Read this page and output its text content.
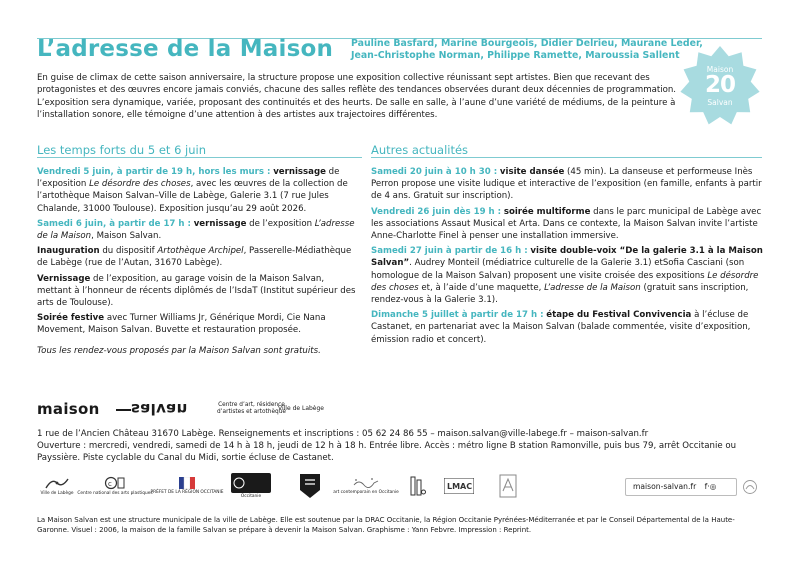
L’adresse de la Maison Pauline Basfard, Marine Bourgeois, Didier Delrieu, Maurane Leder,
Jean-Christophe Norman, Philippe Ramette, Maroussia Sallent
Maison
20
Salvan
En guise de climax de cette saison anniversaire, la structure propose une exposition collective réunissant sept artistes. Bien que recevant des protagonistes et des œuvres encore jamais conviés, chacune des salles reflète des tendances observées durant deux décennies de programmation. L’exposition sera dynamique, variée, proposant des continuités et des heurts. De salle en salle, à l’aune d’une variété de médiums, de la peinture à l’installation sonore, elle témoigne d’une attention à des artistes aux trajectoires différentes.
Les temps forts du 5 et 6 juin	Autres actualités

Vendredi 5 juin, à partir de 19 h, hors les murs : vernissage de l’exposition Le désordre des choses, avec les œuvres de la collection de l’artothèque Maison Salvan–Ville de Labège, Galerie 3.1 (7 rue Jules Chalande, 31000 Toulouse). Exposition jusqu’au 29 août 2026.

Samedi 6 juin, à partir de 17 h : vernissage de l’exposition L’adresse de la Maison, Maison Salvan.

Inauguration du dispositif Artothèque Archipel, Passerelle-Médiathèque de Labège (rue de l’Autan, 31670 Labège).

Vernissage de l’exposition, au garage voisin de la Maison Salvan, mettant à l’honneur de récents diplômés de l’IsdaT (Institut supérieur des arts de Toulouse).

Soirée festive avec Turner Williams Jr, Générique Mordi, Cie Nana Movement, Maison Salvan. Buvette et restauration proposée.

Tous les rendez-vous proposés par la Maison Salvan sont gratuits.

Samedi 20 juin à 10 h 30 : visite dansée (45 min). La danseuse et performeuse Inès Perron propose une visite ludique et interactive de l’exposition (en famille, enfants à partir de 4 ans. Gratuit sur inscription).

Vendredi 26 juin dès 19 h : soirée multiforme dans le parc municipal de Labège avec les associations Assaut Musical et Arta. Dans ce contexte, la Maison Salvan invite l’artiste Anne-Charlotte Finel à penser une installation immersive.

Samedi 27 juin à partir de 16 h : visite double-voix “De la galerie 3.1 à la Maison Salvan”. Audrey Monteil (médiatrice culturelle de la Galerie 3.1) etSofia Casciani (son homologue de la Maison Salvan) proposent une visite croisée des expositions Le désordre des choses et, à l’aide d’une maquette, L’adresse de la Maison (gratuit sans inscription, rendez-vous à la Galerie 3.1).

Dimanche 5 juillet à partir de 17 h : étape du Festival Convivencia à l’écluse de Castanet, en partenariat avec la Maison Salvan (balade commentée, visite d’exposition, émission radio et concert).

maison salvan	Centre d’art, résidence
d’artistes et artothèque
Ville de Labège
1 rue de l’Ancien Château 31670 Labège. Renseignements et inscriptions : 05 62 24 86 55 – maison.salvan@ville-labege.fr – maison-salvan.fr
Ouverture : mercredi, vendredi, samedi de 14 h à 18 h, jeudi de 12 h à 18 h. Entrée libre. Accès : métro ligne B station Ramonville, puis bus 79, arrêt Occitanie ou Payssière. Piste cyclable du Canal du Midi, sortie écluse de Castanet.
Ville de Labège
c
Centre national des arts plastiques
PRÉFET DE LA RÉGION OCCITANIE
Occitanie
art contemporain en Occitanie
LMAC	maison-salvan.fr f·◎
La Maison Salvan est une structure municipale de la ville de Labège. Elle est soutenue par la DRAC Occitanie, la Région Occitanie Pyrénées-Méditerranée et par le Conseil Départemental de la Haute-Garonne. Visuel : 2006, la maison de la famille Salvan se prépare à devenir la Maison Salvan. Graphisme : Yann Febvre. Impression : Reprint.
